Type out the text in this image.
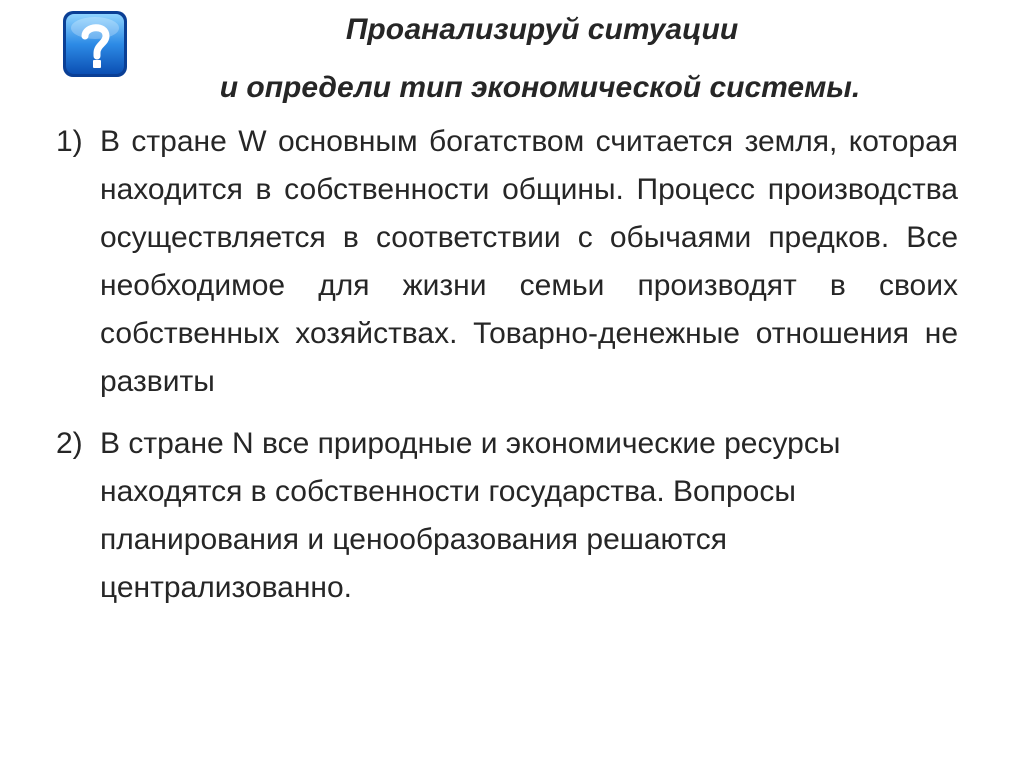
Проанализируй ситуации
и определи тип экономической системы.
1) В стране W основным богатством считается земля, которая находится в собственности общины. Процесс производства осуществляется в соответствии с обычаями предков. Все необходимое для жизни семьи производят в своих собственных хозяйствах. Товарно-денежные отношения не развиты
2) В стране N все природные и экономические ресурсы находятся в собственности государства. Вопросы планирования и ценообразования решаются централизованно.
